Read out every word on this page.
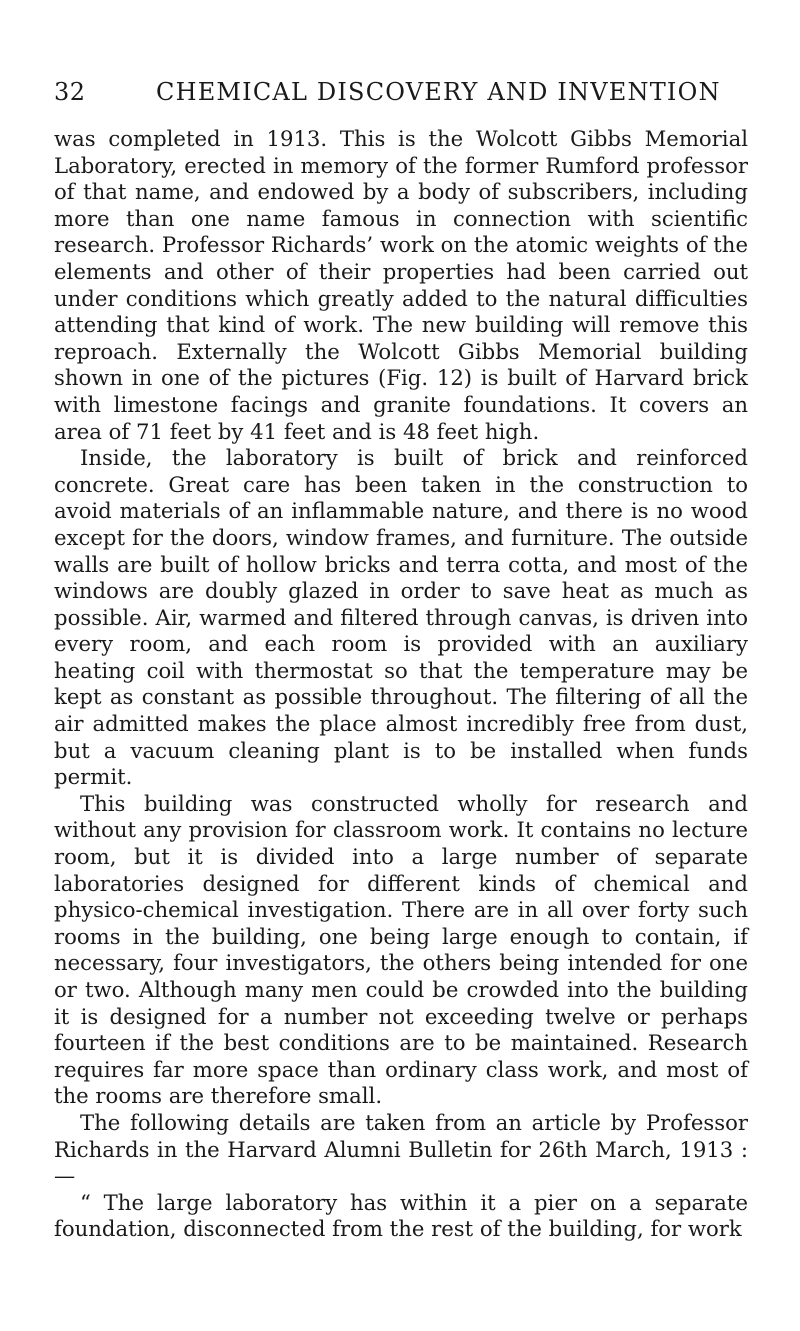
32	CHEMICAL DISCOVERY AND INVENTION

was completed in 1913. This is the Wolcott Gibbs Memorial Laboratory, erected in memory of the former Rumford professor of that name, and endowed by a body of subscribers, including more than one name famous in connection with scientific research. Professor Richards’ work on the atomic weights of the elements and other of their properties had been carried out under conditions which greatly added to the natural difficulties attending that kind of work. The new building will remove this reproach. Externally the Wolcott Gibbs Memorial building shown in one of the pictures (Fig. 12) is built of Harvard brick with limestone facings and granite foundations. It covers an area of 71 feet by 41 feet and is 48 feet high.

Inside, the laboratory is built of brick and reinforced concrete. Great care has been taken in the construction to avoid materials of an inflammable nature, and there is no wood except for the doors, window frames, and furniture. The outside walls are built of hollow bricks and terra cotta, and most of the windows are doubly glazed in order to save heat as much as possible. Air, warmed and filtered through canvas, is driven into every room, and each room is provided with an auxiliary heating coil with thermostat so that the temperature may be kept as constant as possible throughout. The filtering of all the air admitted makes the place almost incredibly free from dust, but a vacuum cleaning plant is to be installed when funds permit.

This building was constructed wholly for research and without any provision for classroom work. It contains no lecture room, but it is divided into a large number of separate laboratories designed for different kinds of chemical and physico-chemical investigation. There are in all over forty such rooms in the building, one being large enough to contain, if necessary, four investigators, the others being intended for one or two. Although many men could be crowded into the building it is designed for a number not exceeding twelve or perhaps fourteen if the best conditions are to be maintained. Research requires far more space than ordinary class work, and most of the rooms are therefore small.

The following details are taken from an article by Professor Richards in the Harvard Alumni Bulletin for 26th March, 1913 :—

“ The large laboratory has within it a pier on a separate foundation, disconnected from the rest of the building, for work
